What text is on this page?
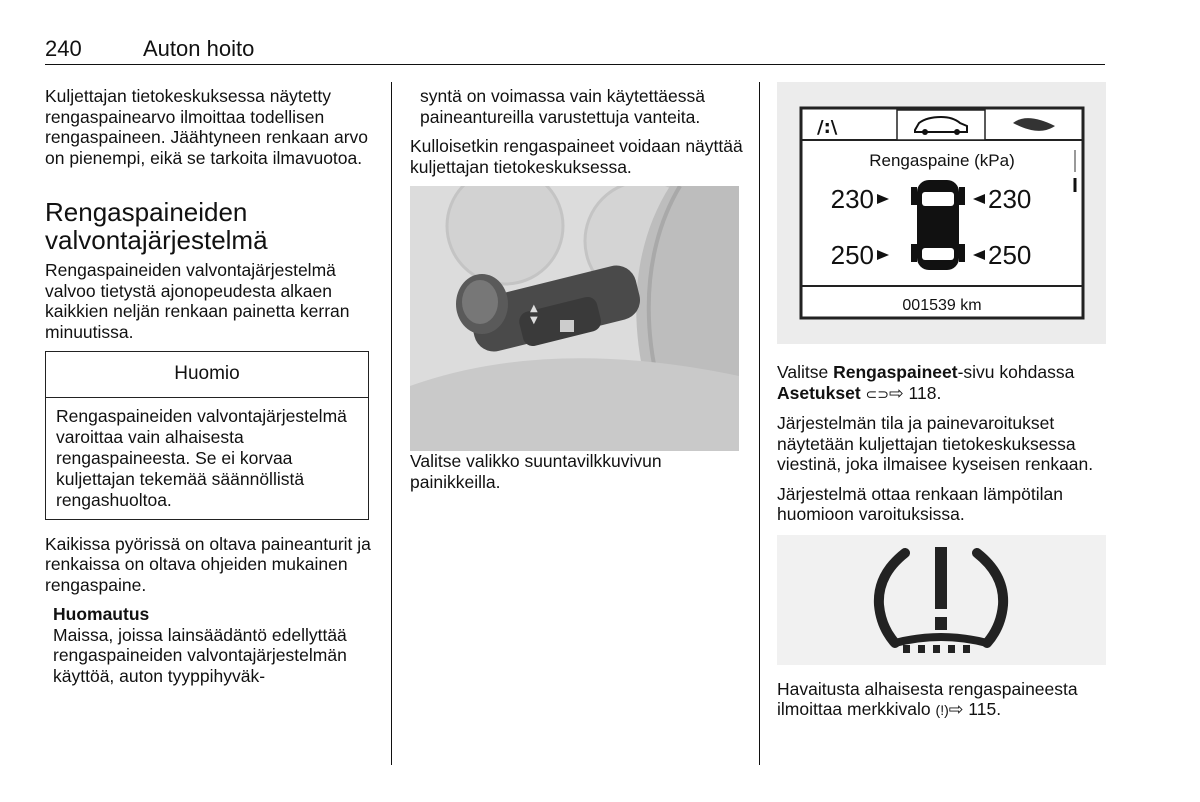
240	Auton hoito

Kuljettajan tietokeskuksessa näytetty rengaspainearvo ilmoittaa todellisen rengaspaineen. Jäähtyneen renkaan arvo on pienempi, eikä se tarkoita ilmavuotoa.

Rengaspaineiden valvontajärjestelmä

Rengaspaineiden valvontajärjestelmä valvoo tietystä ajonopeudesta alkaen kaikkien neljän renkaan painetta kerran minuutissa.

Huomio
Rengaspaineiden valvontajärjestelmä varoittaa vain alhaisesta rengaspaineesta. Se ei korvaa kuljettajan tekemää säännöllistä rengashuoltoa.

Kaikissa pyörissä on oltava paineanturit ja renkaissa on oltava ohjeiden mukainen rengaspaine.

Huomautus
Maissa, joissa lainsäädäntö edellyttää rengaspaineiden valvontajärjestelmän käyttöä, auton tyyppihyväk-

syntä on voimassa vain käytettäessä paineantureilla varustettuja vanteita.

Kulloisetkin rengaspaineet voidaan näyttää kuljettajan tietokeskuksessa.

▲
▼

Valitse valikko suuntavilkkuvivun painikkeilla.

/:\
Rengaspaine (kPa)
230	230
250	250
001539 km

Valitse Rengaspaineet-sivu kohdassa Asetukset ⊂⊃⇨ 118.

Järjestelmän tila ja painevaroitukset näytetään kuljettajan tietokeskuksessa viestinä, joka ilmaisee kyseisen renkaan.

Järjestelmä ottaa renkaan lämpötilan huomioon varoituksissa.

Havaitusta alhaisesta rengaspaineesta ilmoittaa merkkivalo (!)⇨ 115.
